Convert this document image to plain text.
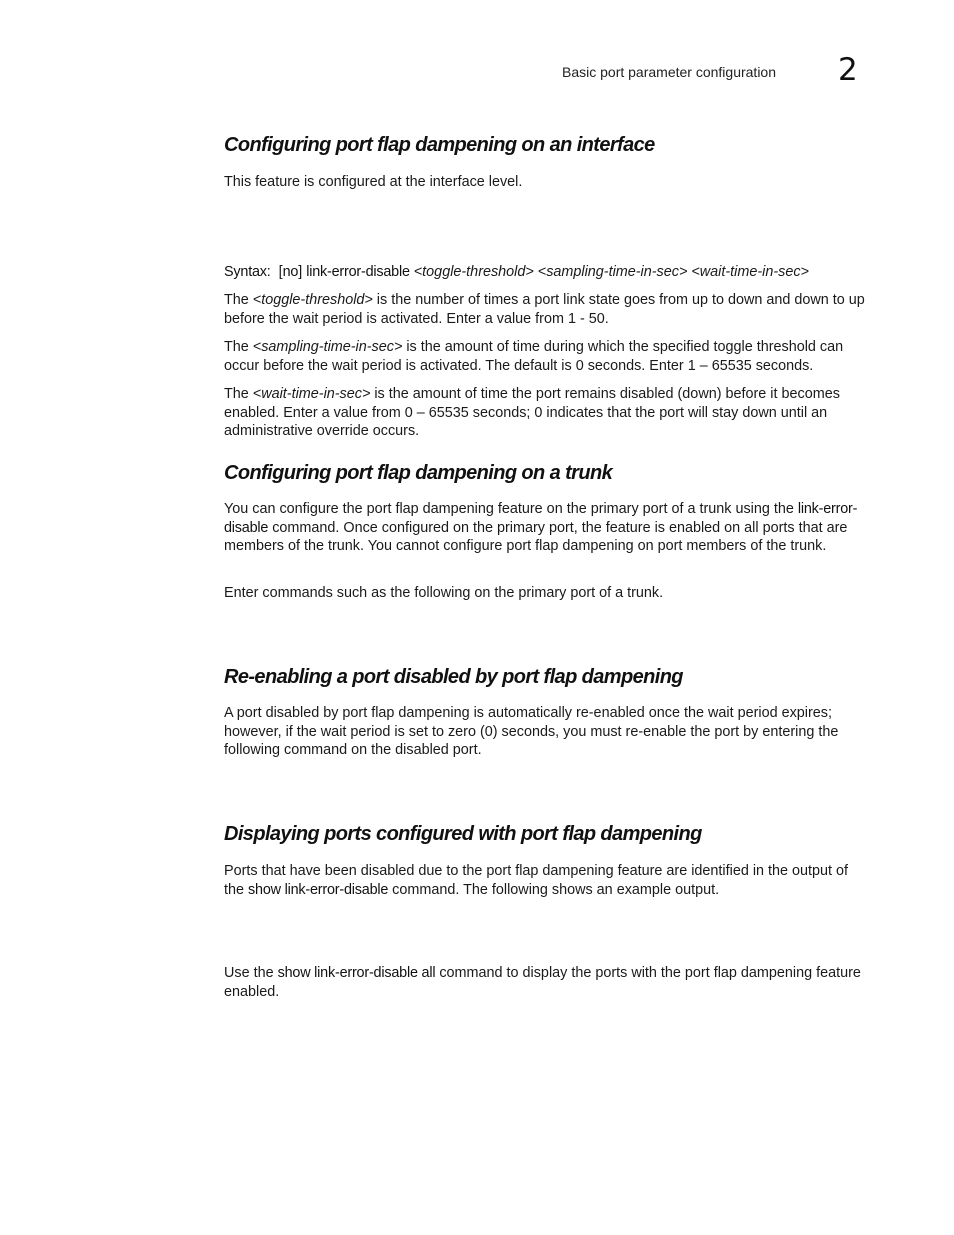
Basic port parameter configuration 2
Configuring port flap dampening on an interface

This feature is configured at the interface level.

Syntax: [no] link-error-disable <toggle-threshold> <sampling-time-in-sec> <wait-time-in-sec>

The <toggle-threshold> is the number of times a port link state goes from up to down and down to up before the wait period is activated. Enter a value from 1 - 50.

The <sampling-time-in-sec> is the amount of time during which the specified toggle threshold can occur before the wait period is activated. The default is 0 seconds. Enter 1 – 65535 seconds.

The <wait-time-in-sec> is the amount of time the port remains disabled (down) before it becomes enabled. Enter a value from 0 – 65535 seconds; 0 indicates that the port will stay down until an administrative override occurs.

Configuring port flap dampening on a trunk

You can configure the port flap dampening feature on the primary port of a trunk using the link-error-disable command. Once configured on the primary port, the feature is enabled on all ports that are members of the trunk. You cannot configure port flap dampening on port members of the trunk.

Enter commands such as the following on the primary port of a trunk.

Re-enabling a port disabled by port flap dampening

A port disabled by port flap dampening is automatically re-enabled once the wait period expires; however, if the wait period is set to zero (0) seconds, you must re-enable the port by entering the following command on the disabled port.

Displaying ports configured with port flap dampening

Ports that have been disabled due to the port flap dampening feature are identified in the output of the show link-error-disable command. The following shows an example output.

Use the show link-error-disable all command to display the ports with the port flap dampening feature enabled.
